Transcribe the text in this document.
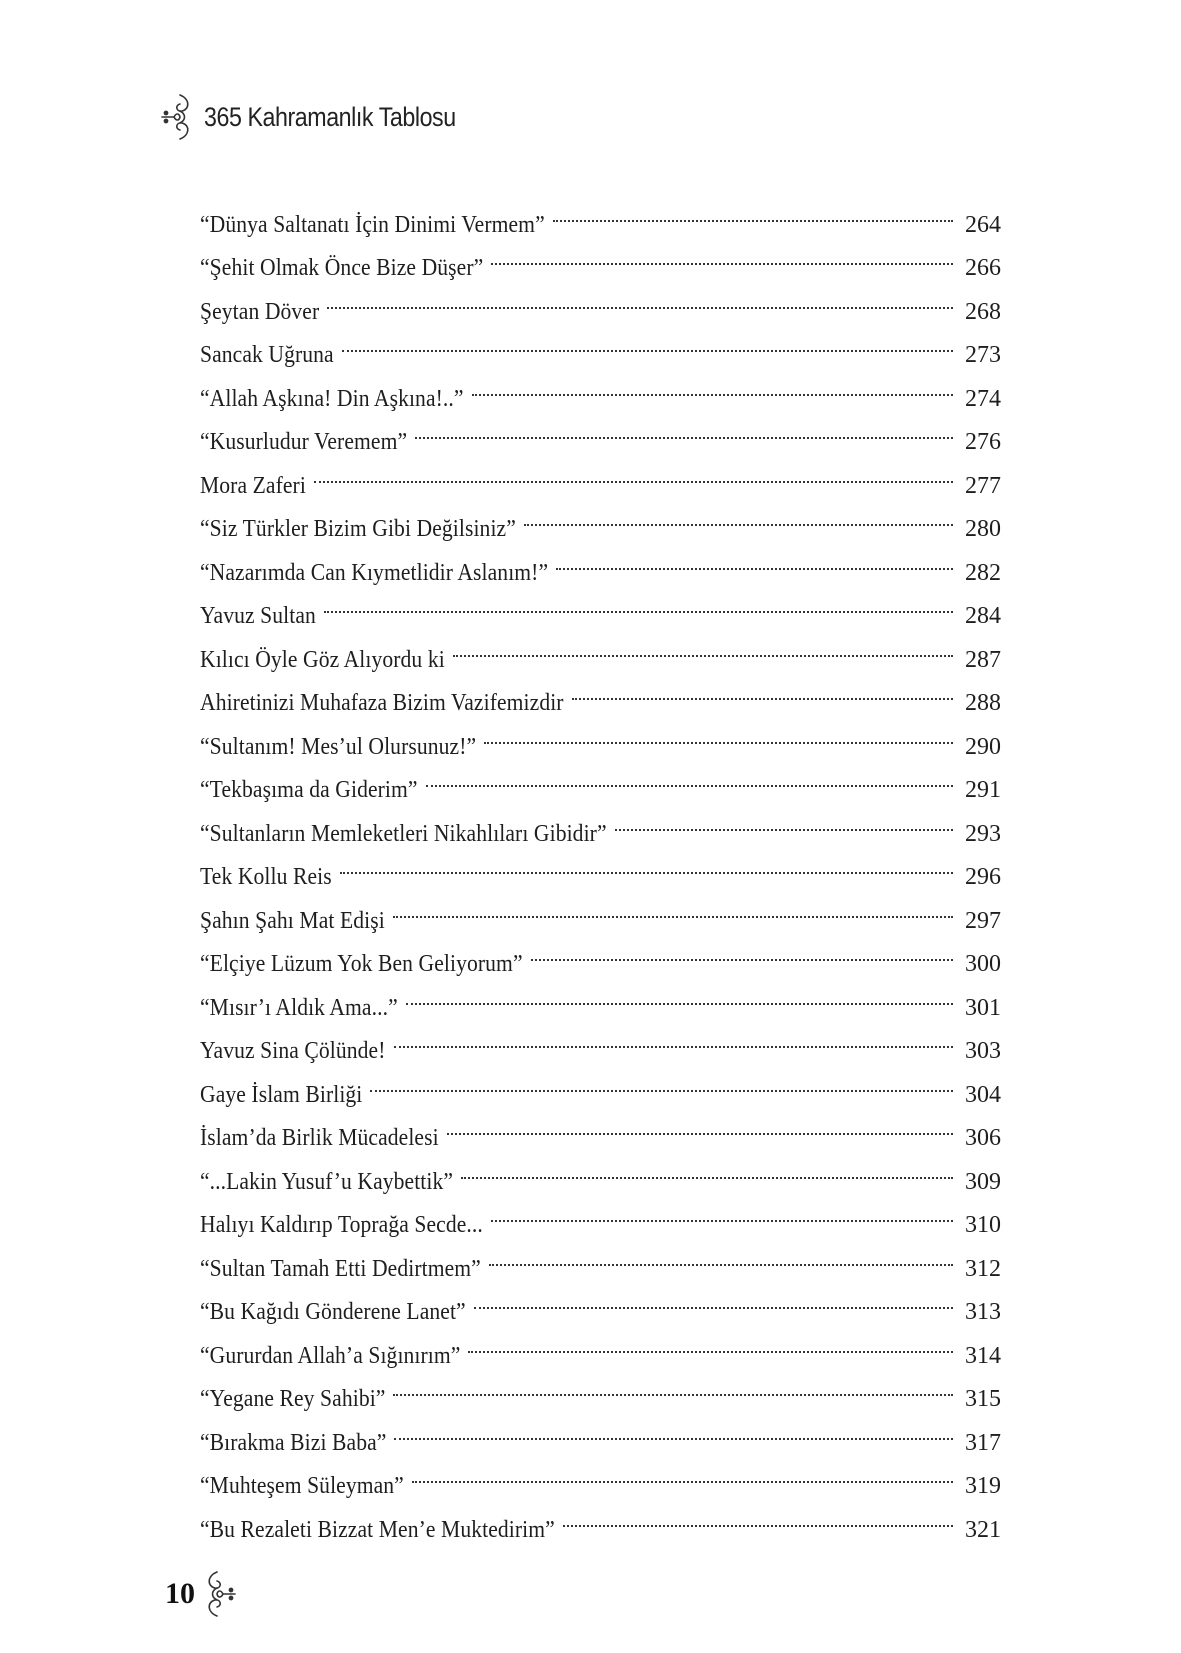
365 Kahramanlık Tablosu
“Dünya Saltanatı İçin Dinimi Vermem”	264
“Şehit Olmak Önce Bize Düşer”	266
Şeytan Döver	268
Sancak Uğruna	273
“Allah Aşkına! Din Aşkına!..”	274
“Kusurludur Veremem”	276
Mora Zaferi	277
“Siz Türkler Bizim Gibi Değilsiniz”	280
“Nazarımda Can Kıymetlidir Aslanım!”	282
Yavuz Sultan	284
Kılıcı Öyle Göz Alıyordu ki	287
Ahiretinizi Muhafaza Bizim Vazifemizdir	288
“Sultanım! Mes’ul Olursunuz!”	290
“Tekbaşıma da Giderim”	291
“Sultanların Memleketleri Nikahlıları Gibidir”	293
Tek Kollu Reis	296
Şahın Şahı Mat Edişi	297
“Elçiye Lüzum Yok Ben Geliyorum”	300
“Mısır’ı Aldık Ama...”	301
Yavuz Sina Çölünde!	303
Gaye İslam Birliği	304
İslam’da Birlik Mücadelesi	306
“...Lakin Yusuf’u Kaybettik”	309
Halıyı Kaldırıp Toprağa Secde...	310
“Sultan Tamah Etti Dedirtmem”	312
“Bu Kağıdı Gönderene Lanet”	313
“Gururdan Allah’a Sığınırım”	314
“Yegane Rey Sahibi”	315
“Bırakma Bizi Baba”	317
“Muhteşem Süleyman”	319
“Bu Rezaleti Bizzat Men’e Muktedirim”	321
10
